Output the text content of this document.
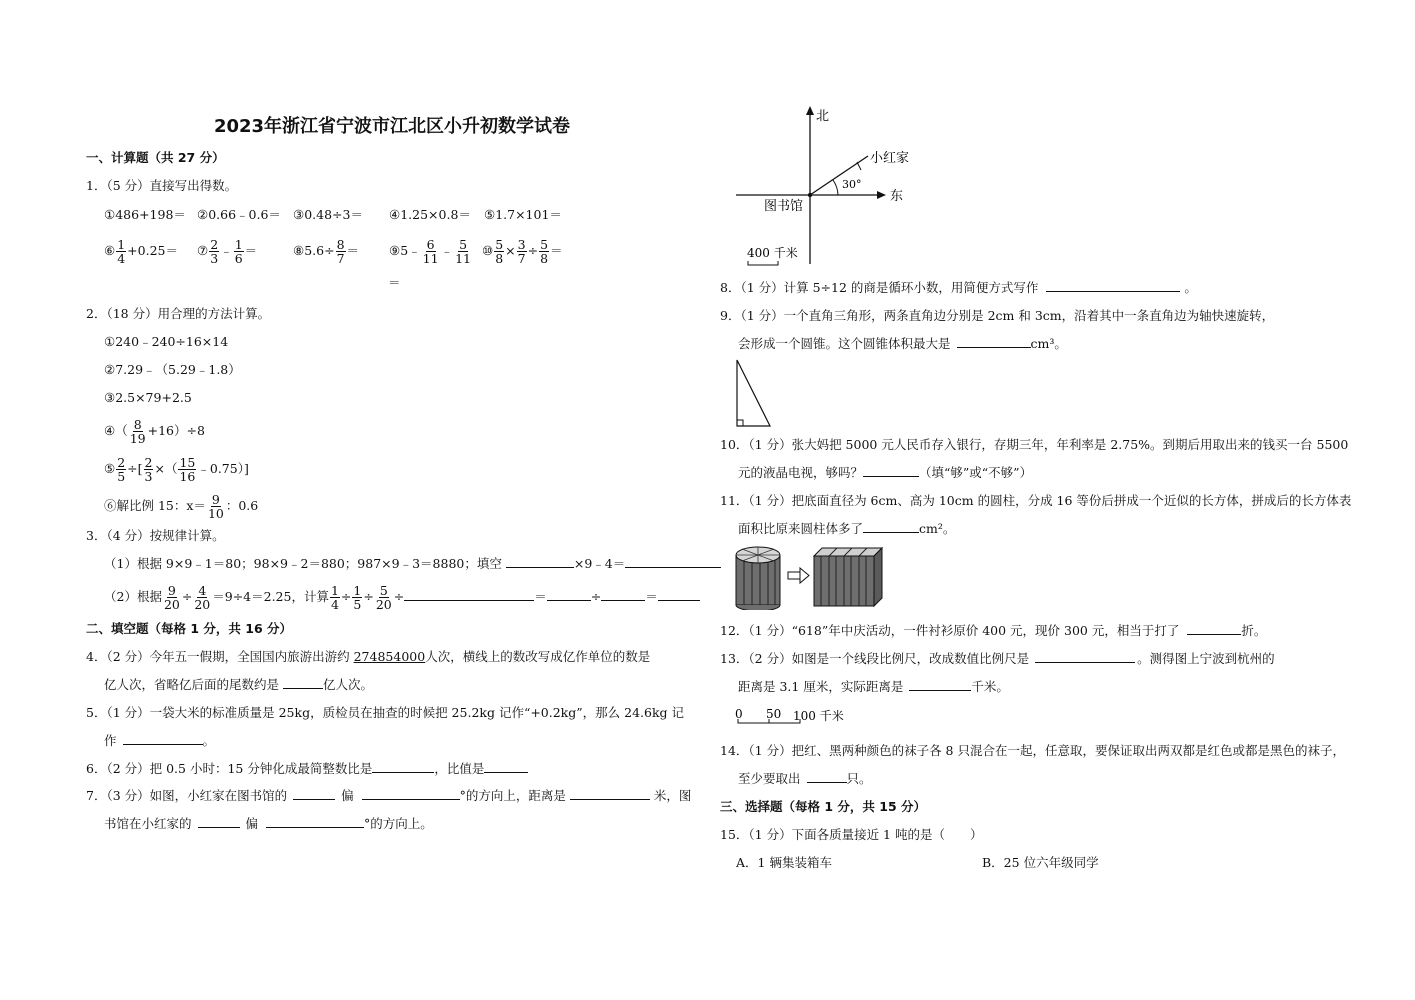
2023年浙江省宁波市江北区小升初数学试卷
一、计算题（共 27 分）
1．（5 分）直接写出得数。
①486+198＝ ②0.66﹣0.6＝ ③0.48÷3＝ ④1.25×0.8＝ ⑤1.7×101＝
⑥ $\frac{1}{4} +0.25=$ ⑦ $\frac{2}{3}$ ﹣ $\frac{1}{6}$ ＝	⑧5.6÷ $\frac{8}{7}$ ＝ ⑨5﹣ $\frac{6}{11}$ ﹣ $\frac{5}{11}$ ⑩ $\frac{5}{8} \times \frac{3}{7} \div \frac{5}{8}$ ＝
＝
2．（18 分）用合理的方法计算。
①240﹣240÷16×14
②7.29﹣（5.29﹣1.8）
③2.5×79+2.5
④（ $\frac{8}{19} +16)\div 8$
⑤ $\frac{2}{5}$ ÷[ $\frac{2}{3}$ ×（ $\frac{15}{16}$ ﹣0.75）]
⑥解比例 15：$x= \frac{9}{10}$ ：0.6
3．（4 分）按规律计算。
（1）根据 9×9﹣1＝80；98×9﹣2＝880；987×9﹣3＝8880；填空	×9﹣4＝
（2）根据 $\frac{9}{20} \div \frac{4}{20} =9\div 4=2.25$，计算 $\frac{1}{4} \div \frac{1}{5} \div \frac{5}{20}$ ÷	＝	÷	＝
二、填空题（每格 1 分，共 16 分）
4．（2 分）今年五一假期，全国国内旅游出游约 274854000人次，横线上的数改写成亿作单位的数是
亿人次，省略亿后面的尾数约是	亿人次。
5．（1 分）一袋大米的标准质量是 25kg，质检员在抽查的时候把 25.2kg 记作“+0.2kg”，那么 24.6kg 记
作	。
6．（2 分）把 0.5 小时：15 分钟化成最简整数比是	，比值是
7．（3 分）如图，小红家在图书馆的	偏	°的方向上，距离是	米，图
书馆在小红家的	偏	°的方向上。
北
东
小红家
图书馆
30°
400 千米
8．（1 分）计算 5÷12 的商是循环小数，用简便方式写作	。
9．（1 分）一个直角三角形，两条直角边分别是 2cm 和 3cm，沿着其中一条直角边为轴快速旋转，
会形成一个圆锥。这个圆锥体积最大是	cm³。
10．（1 分）张大妈把 5000 元人民币存入银行，存期三年，年利率是 2.75%。到期后用取出来的钱买一台 5500
元的液晶电视，够吗？	（填“够”或“不够”）
11．（1 分）把底面直径为 6cm、高为 10cm 的圆柱，分成 16 等份后拼成一个近似的长方体，拼成后的长方体表
面积比原来圆柱体多了	cm²。
12．（1 分）“618”年中庆活动，一件衬衫原价 400 元，现价 300 元，相当于打了	折。
13．（2 分）如图是一个线段比例尺，改成数值比例尺是	。测得图上宁波到杭州的
距离是 3.1 厘米，实际距离是	千米。
0 50 100 千米
14．（1 分）把红、黑两种颜色的袜子各 8 只混合在一起，任意取，要保证取出两双都是红色或都是黑色的袜子，
至少要取出	只。
三、选择题（每格 1 分，共 15 分）
15．（1 分）下面各质量接近 1 吨的是（　　）
A．1 辆集装箱车	B．25 位六年级同学
